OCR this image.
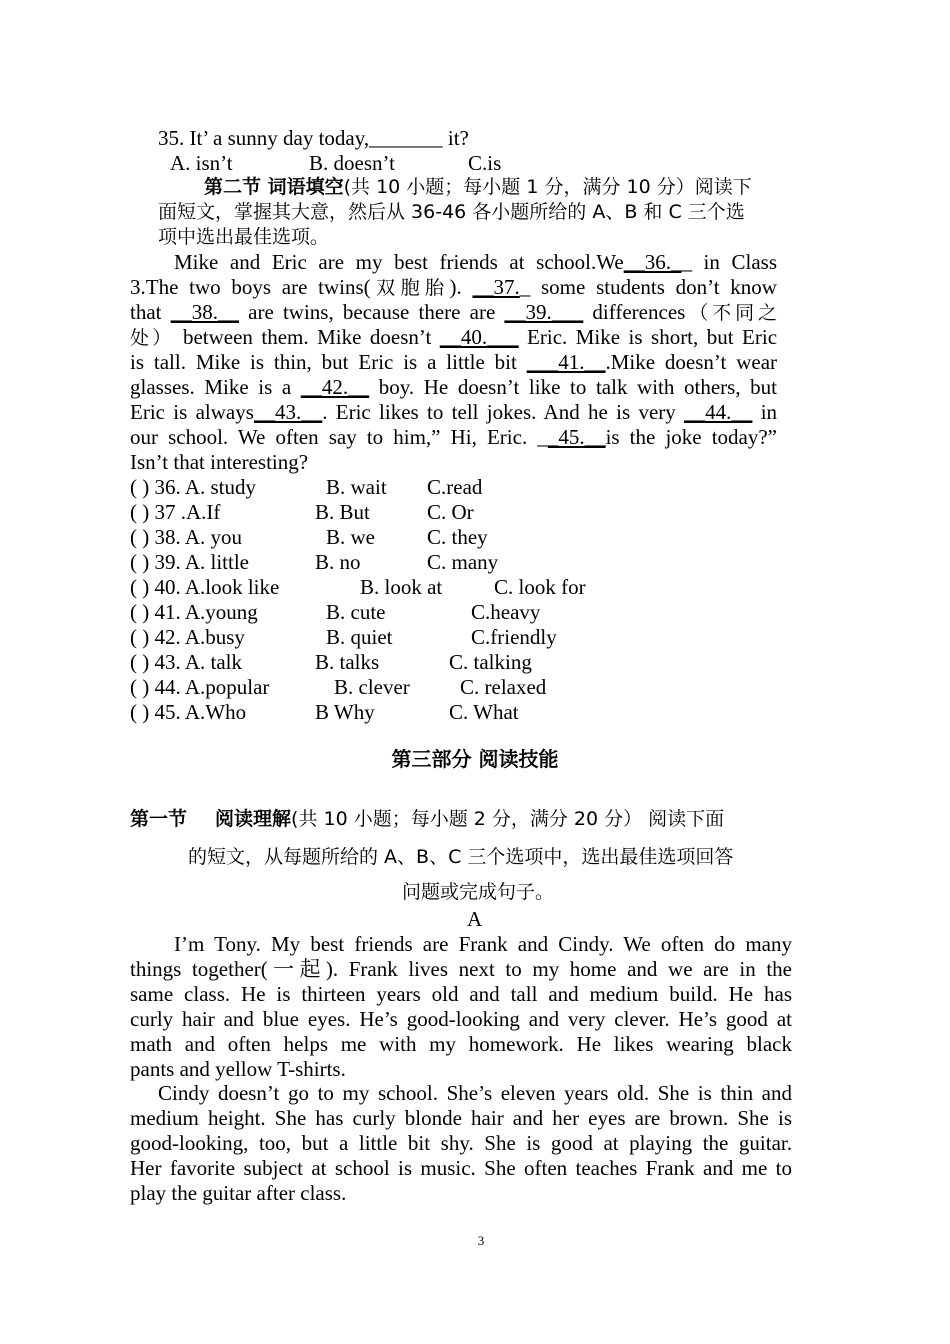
35. It’ a sunny day today,_______ it?
A. isn’t	B. doesn’t	C.is
第二节 词语填空(共 10 小题；每小题 1 分，满分 10 分）阅读下
面短文，掌握其大意，然后从 36-46 各小题所给的 A、B 和 C 三个选
项中选出最佳选项。
Mike and Eric are my best friends at school.We__36.__ in Class
3.The two boys are twins(双胞胎). __37._ some students don’t know
that __38.__ are twins, because there are __39.___ differences（不同之
处） between them. Mike doesn’t __40.___ Eric. Mike is short, but Eric
is tall. Mike is thin, but Eric is a little bit ___41.__.Mike doesn’t wear
glasses. Mike is a __42.__ boy. He doesn’t like to talk with others, but
Eric is always__43.__. Eric likes to tell jokes. And he is very __44.__ in
our school. We often say to him,” Hi, Eric. __45.__is the joke today?”
Isn’t that interesting?
( ) 36. A. study	B. wait C.read
( ) 37 .A.If	B. But	C. Or
( ) 38. A. you	B. we C. they
( ) 39. A. little	B. no	C. many
( ) 40. A.look like	B. look at C. look for
( ) 41. A.young	B. cute	C.heavy
( ) 42. A.busy	B. quiet	C.friendly
( ) 43. A. talk	B. talks	C. talking
( ) 44. A.popular	B. clever C. relaxed
( ) 45. A.Who	B Why	C. What
第三部分 阅读技能
第一节 阅读理解(共 10 小题；每小题 2 分，满分 20 分） 阅读下面
的短文，从每题所给的 A、B、C 三个选项中，选出最佳选项回答
问题或完成句子。
A
I’m Tony. My best friends are Frank and Cindy. We often do many
things together(一起). Frank lives next to my home and we are in the
same class. He is thirteen years old and tall and medium build. He has
curly hair and blue eyes. He’s good-looking and very clever. He’s good at
math and often helps me with my homework. He likes wearing black
pants and yellow T-shirts.
Cindy doesn’t go to my school. She’s eleven years old. She is thin and
medium height. She has curly blonde hair and her eyes are brown. She is
good-looking, too, but a little bit shy. She is good at playing the guitar.
Her favorite subject at school is music. She often teaches Frank and me to
play the guitar after class.
3
